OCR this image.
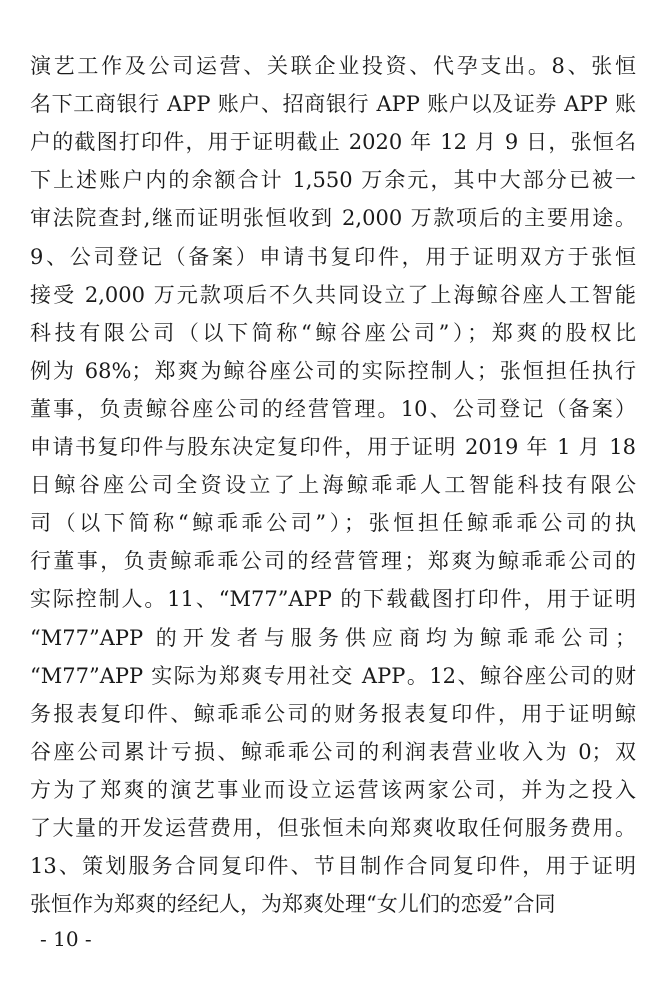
演艺工作及公司运营、关联企业投资、代孕支出。8、张恒
名下工商银行 APP 账户、招商银行 APP 账户以及证券 APP 账
户的截图打印件，用于证明截止 2020 年 12 月 9 日，张恒名
下上述账户内的余额合计 1,550 万余元，其中大部分已被一
审法院查封,继而证明张恒收到 2,000 万款项后的主要用途。
9、公司登记（备案）申请书复印件，用于证明双方于张恒
接受 2,000 万元款项后不久共同设立了上海鲸谷座人工智能
科技有限公司（以下简称“鲸谷座公司”）；郑爽的股权比
例为 68%；郑爽为鲸谷座公司的实际控制人；张恒担任执行
董事，负责鲸谷座公司的经营管理。10、公司登记（备案）
申请书复印件与股东决定复印件，用于证明 2019 年 1 月 18
日鲸谷座公司全资设立了上海鲸乖乖人工智能科技有限公
司（以下简称“鲸乖乖公司”）；张恒担任鲸乖乖公司的执
行董事，负责鲸乖乖公司的经营管理；郑爽为鲸乖乖公司的
实际控制人。11、“M77”APP 的下载截图打印件，用于证明
“M77”APP 的开发者与服务供应商均为鲸乖乖公司；
“M77”APP 实际为郑爽专用社交 APP。12、鲸谷座公司的财
务报表复印件、鲸乖乖公司的财务报表复印件，用于证明鲸
谷座公司累计亏损、鲸乖乖公司的利润表营业收入为 0；双
方为了郑爽的演艺事业而设立运营该两家公司，并为之投入
了大量的开发运营费用，但张恒未向郑爽收取任何服务费用。
13、策划服务合同复印件、节目制作合同复印件，用于证明
张恒作为郑爽的经纪人，为郑爽处理“女儿们的恋爱”合同
- 10 -
